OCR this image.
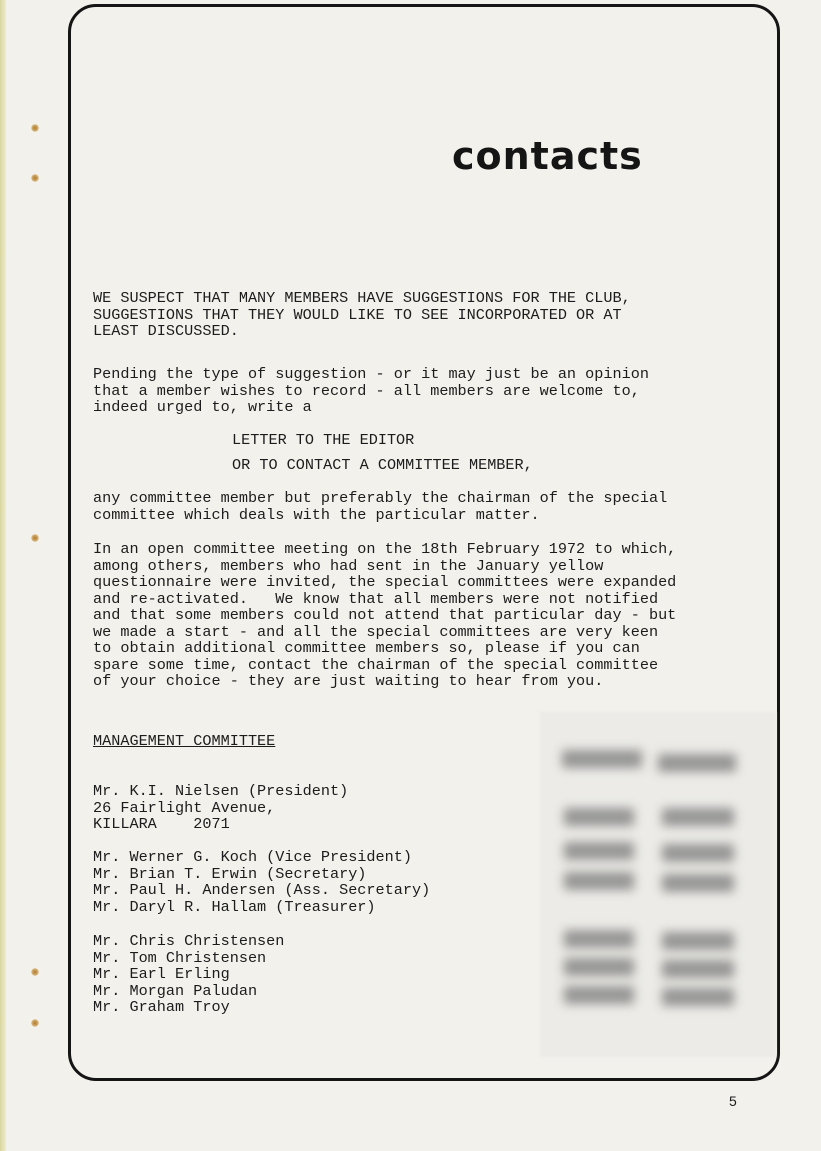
contacts

WE SUSPECT THAT MANY MEMBERS HAVE SUGGESTIONS FOR THE CLUB,
SUGGESTIONS THAT THEY WOULD LIKE TO SEE INCORPORATED OR AT
LEAST DISCUSSED.

Pending the type of suggestion - or it may just be an opinion
that a member wishes to record - all members are welcome to,
indeed urged to, write a

LETTER TO THE EDITOR

OR TO CONTACT A COMMITTEE MEMBER,

any committee member but preferably the chairman of the special
committee which deals with the particular matter.

In an open committee meeting on the 18th February 1972 to which,
among others, members who had sent in the January yellow
questionnaire were invited, the special committees were expanded
and re-activated.   We know that all members were not notified
and that some members could not attend that particular day - but
we made a start - and all the special committees are very keen
to obtain additional committee members so, please if you can
spare some time, contact the chairman of the special committee
of your choice - they are just waiting to hear from you.

MANAGEMENT COMMITTEE

Mr. K.I. Nielsen (President)
26 Fairlight Avenue,
KILLARA    2071

Mr. Werner G. Koch (Vice President)
Mr. Brian T. Erwin (Secretary)
Mr. Paul H. Andersen (Ass. Secretary)
Mr. Daryl R. Hallam (Treasurer)

Mr. Chris Christensen
Mr. Tom Christensen
Mr. Earl Erling
Mr. Morgan Paludan
Mr. Graham Troy

5
